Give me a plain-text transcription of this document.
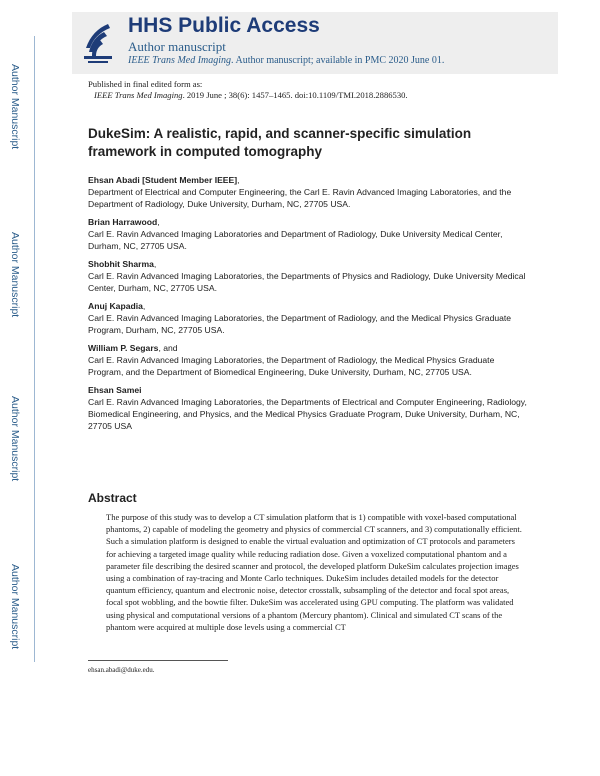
Author Manuscript
Author Manuscript
Author Manuscript
Author Manuscript
HHS Public Access
Author manuscript
IEEE Trans Med Imaging. Author manuscript; available in PMC 2020 June 01.
Published in final edited form as:
IEEE Trans Med Imaging. 2019 June ; 38(6): 1457–1465. doi:10.1109/TMI.2018.2886530.
DukeSim: A realistic, rapid, and scanner-specific simulation framework in computed tomography
Ehsan Abadi [Student Member IEEE],
Department of Electrical and Computer Engineering, the Carl E. Ravin Advanced Imaging Laboratories, and the Department of Radiology, Duke University, Durham, NC, 27705 USA.
Brian Harrawood,
Carl E. Ravin Advanced Imaging Laboratories and Department of Radiology, Duke University Medical Center, Durham, NC, 27705 USA.
Shobhit Sharma,
Carl E. Ravin Advanced Imaging Laboratories, the Departments of Physics and Radiology, Duke University Medical Center, Durham, NC, 27705 USA.
Anuj Kapadia,
Carl E. Ravin Advanced Imaging Laboratories, the Department of Radiology, and the Medical Physics Graduate Program, Durham, NC, 27705 USA.
William P. Segars, and
Carl E. Ravin Advanced Imaging Laboratories, the Department of Radiology, the Medical Physics Graduate Program, and the Department of Biomedical Engineering, Duke University, Durham, NC, 27705 USA.
Ehsan Samei
Carl E. Ravin Advanced Imaging Laboratories, the Departments of Electrical and Computer Engineering, Radiology, Biomedical Engineering, and Physics, and the Medical Physics Graduate Program, Duke University, Durham, NC, 27705 USA
Abstract
The purpose of this study was to develop a CT simulation platform that is 1) compatible with voxel-based computational phantoms, 2) capable of modeling the geometry and physics of commercial CT scanners, and 3) computationally efficient. Such a simulation platform is designed to enable the virtual evaluation and optimization of CT protocols and parameters for achieving a targeted image quality while reducing radiation dose. Given a voxelized computational phantom and a parameter file describing the desired scanner and protocol, the developed platform DukeSim calculates projection images using a combination of ray-tracing and Monte Carlo techniques. DukeSim includes detailed models for the detector quantum efficiency, quantum and electronic noise, detector crosstalk, subsampling of the detector and focal spot areas, focal spot wobbling, and the bowtie filter. DukeSim was accelerated using GPU computing. The platform was validated using physical and computational versions of a phantom (Mercury phantom). Clinical and simulated CT scans of the phantom were acquired at multiple dose levels using a commercial CT
ehsan.abadi@duke.edu.
